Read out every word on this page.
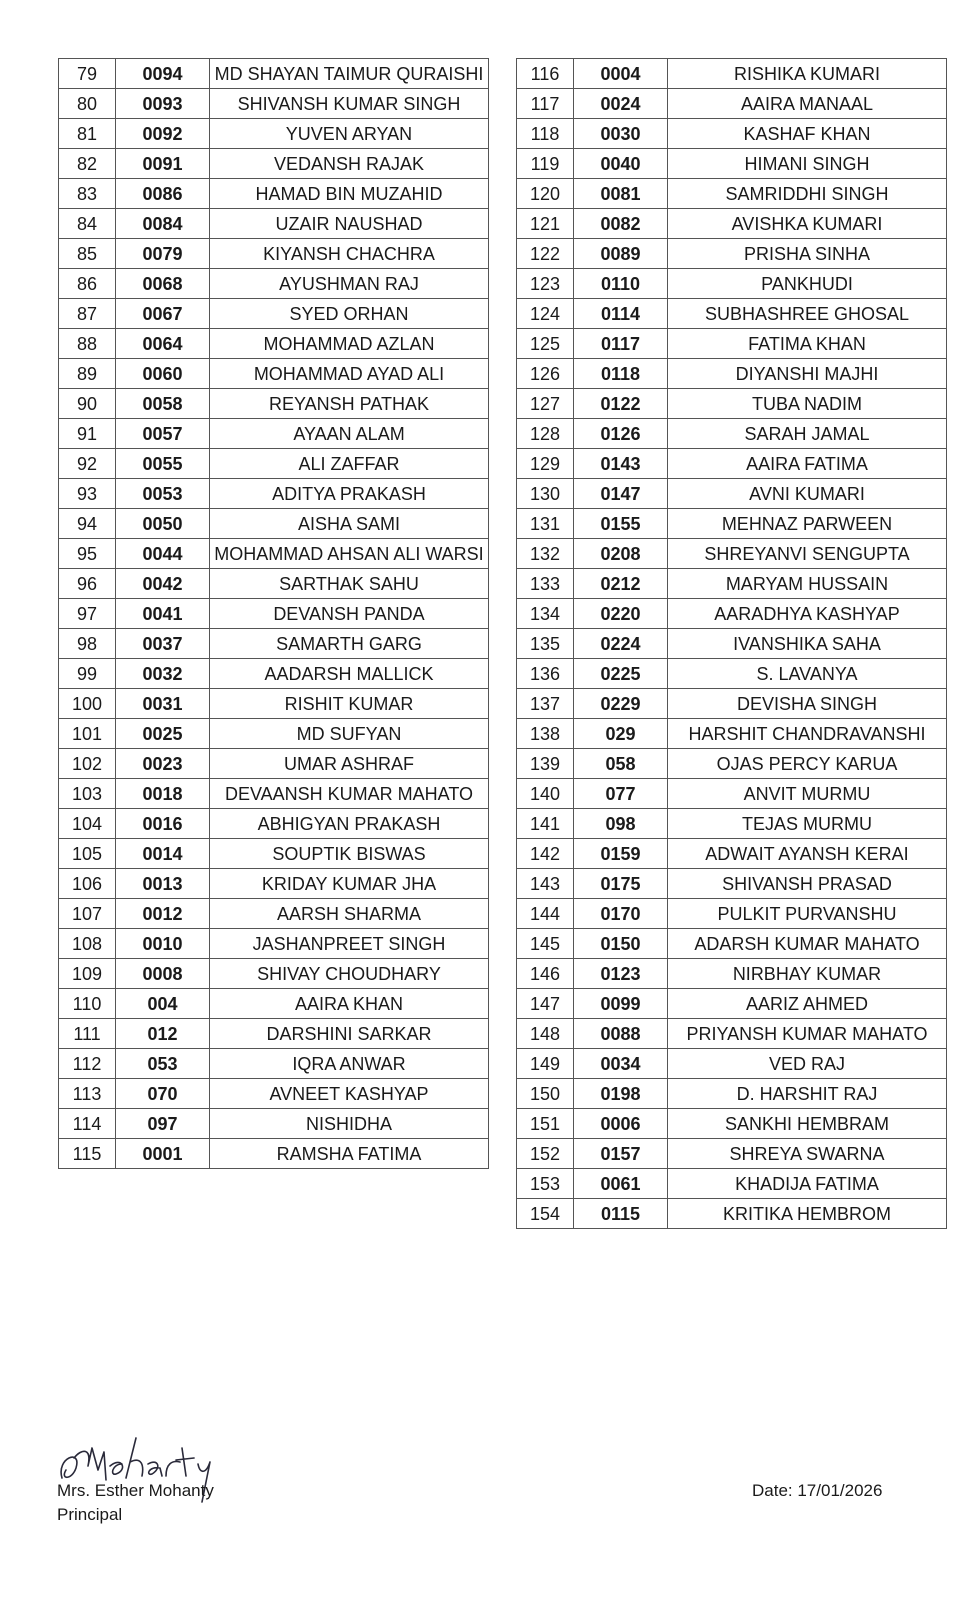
79	0094	MD SHAYAN TAIMUR QURAISHI
80	0093	SHIVANSH KUMAR SINGH
81	0092	YUVEN ARYAN
82	0091	VEDANSH RAJAK
83	0086	HAMAD BIN MUZAHID
84	0084	UZAIR NAUSHAD
85	0079	KIYANSH CHACHRA
86	0068	AYUSHMAN RAJ
87	0067	SYED ORHAN
88	0064	MOHAMMAD AZLAN
89	0060	MOHAMMAD AYAD ALI
90	0058	REYANSH PATHAK
91	0057	AYAAN ALAM
92	0055	ALI ZAFFAR
93	0053	ADITYA PRAKASH
94	0050	AISHA SAMI
95	0044	MOHAMMAD AHSAN ALI WARSI
96	0042	SARTHAK SAHU
97	0041	DEVANSH PANDA
98	0037	SAMARTH GARG
99	0032	AADARSH MALLICK
100	0031	RISHIT KUMAR
101	0025	MD SUFYAN
102	0023	UMAR ASHRAF
103	0018	DEVAANSH KUMAR MAHATO
104	0016	ABHIGYAN PRAKASH
105	0014	SOUPTIK BISWAS
106	0013	KRIDAY KUMAR JHA
107	0012	AARSH SHARMA
108	0010	JASHANPREET SINGH
109	0008	SHIVAY CHOUDHARY
110	004	AAIRA KHAN
111	012	DARSHINI SARKAR
112	053	IQRA ANWAR
113	070	AVNEET KASHYAP
114	097	NISHIDHA
115	0001	RAMSHA FATIMA
116	0004	RISHIKA KUMARI
117	0024	AAIRA MANAAL
118	0030	KASHAF KHAN
119	0040	HIMANI SINGH
120	0081	SAMRIDDHI SINGH
121	0082	AVISHKA KUMARI
122	0089	PRISHA SINHA
123	0110	PANKHUDI
124	0114	SUBHASHREE GHOSAL
125	0117	FATIMA KHAN
126	0118	DIYANSHI MAJHI
127	0122	TUBA NADIM
128	0126	SARAH JAMAL
129	0143	AAIRA FATIMA
130	0147	AVNI KUMARI
131	0155	MEHNAZ PARWEEN
132	0208	SHREYANVI SENGUPTA
133	0212	MARYAM HUSSAIN
134	0220	AARADHYA KASHYAP
135	0224	IVANSHIKA SAHA
136	0225	S. LAVANYA
137	0229	DEVISHA SINGH
138	029	HARSHIT CHANDRAVANSHI
139	058	OJAS PERCY KARUA
140	077	ANVIT MURMU
141	098	TEJAS MURMU
142	0159	ADWAIT AYANSH KERAI
143	0175	SHIVANSH PRASAD
144	0170	PULKIT PURVANSHU
145	0150	ADARSH KUMAR MAHATO
146	0123	NIRBHAY KUMAR
147	0099	AARIZ AHMED
148	0088	PRIYANSH KUMAR MAHATO
149	0034	VED RAJ
150	0198	D. HARSHIT RAJ
151	0006	SANKHI HEMBRAM
152	0157	SHREYA SWARNA
153	0061	KHADIJA FATIMA
154	0115	KRITIKA HEMBROM
Mrs. Esther Mohanty
Principal
Date: 17/01/2026
